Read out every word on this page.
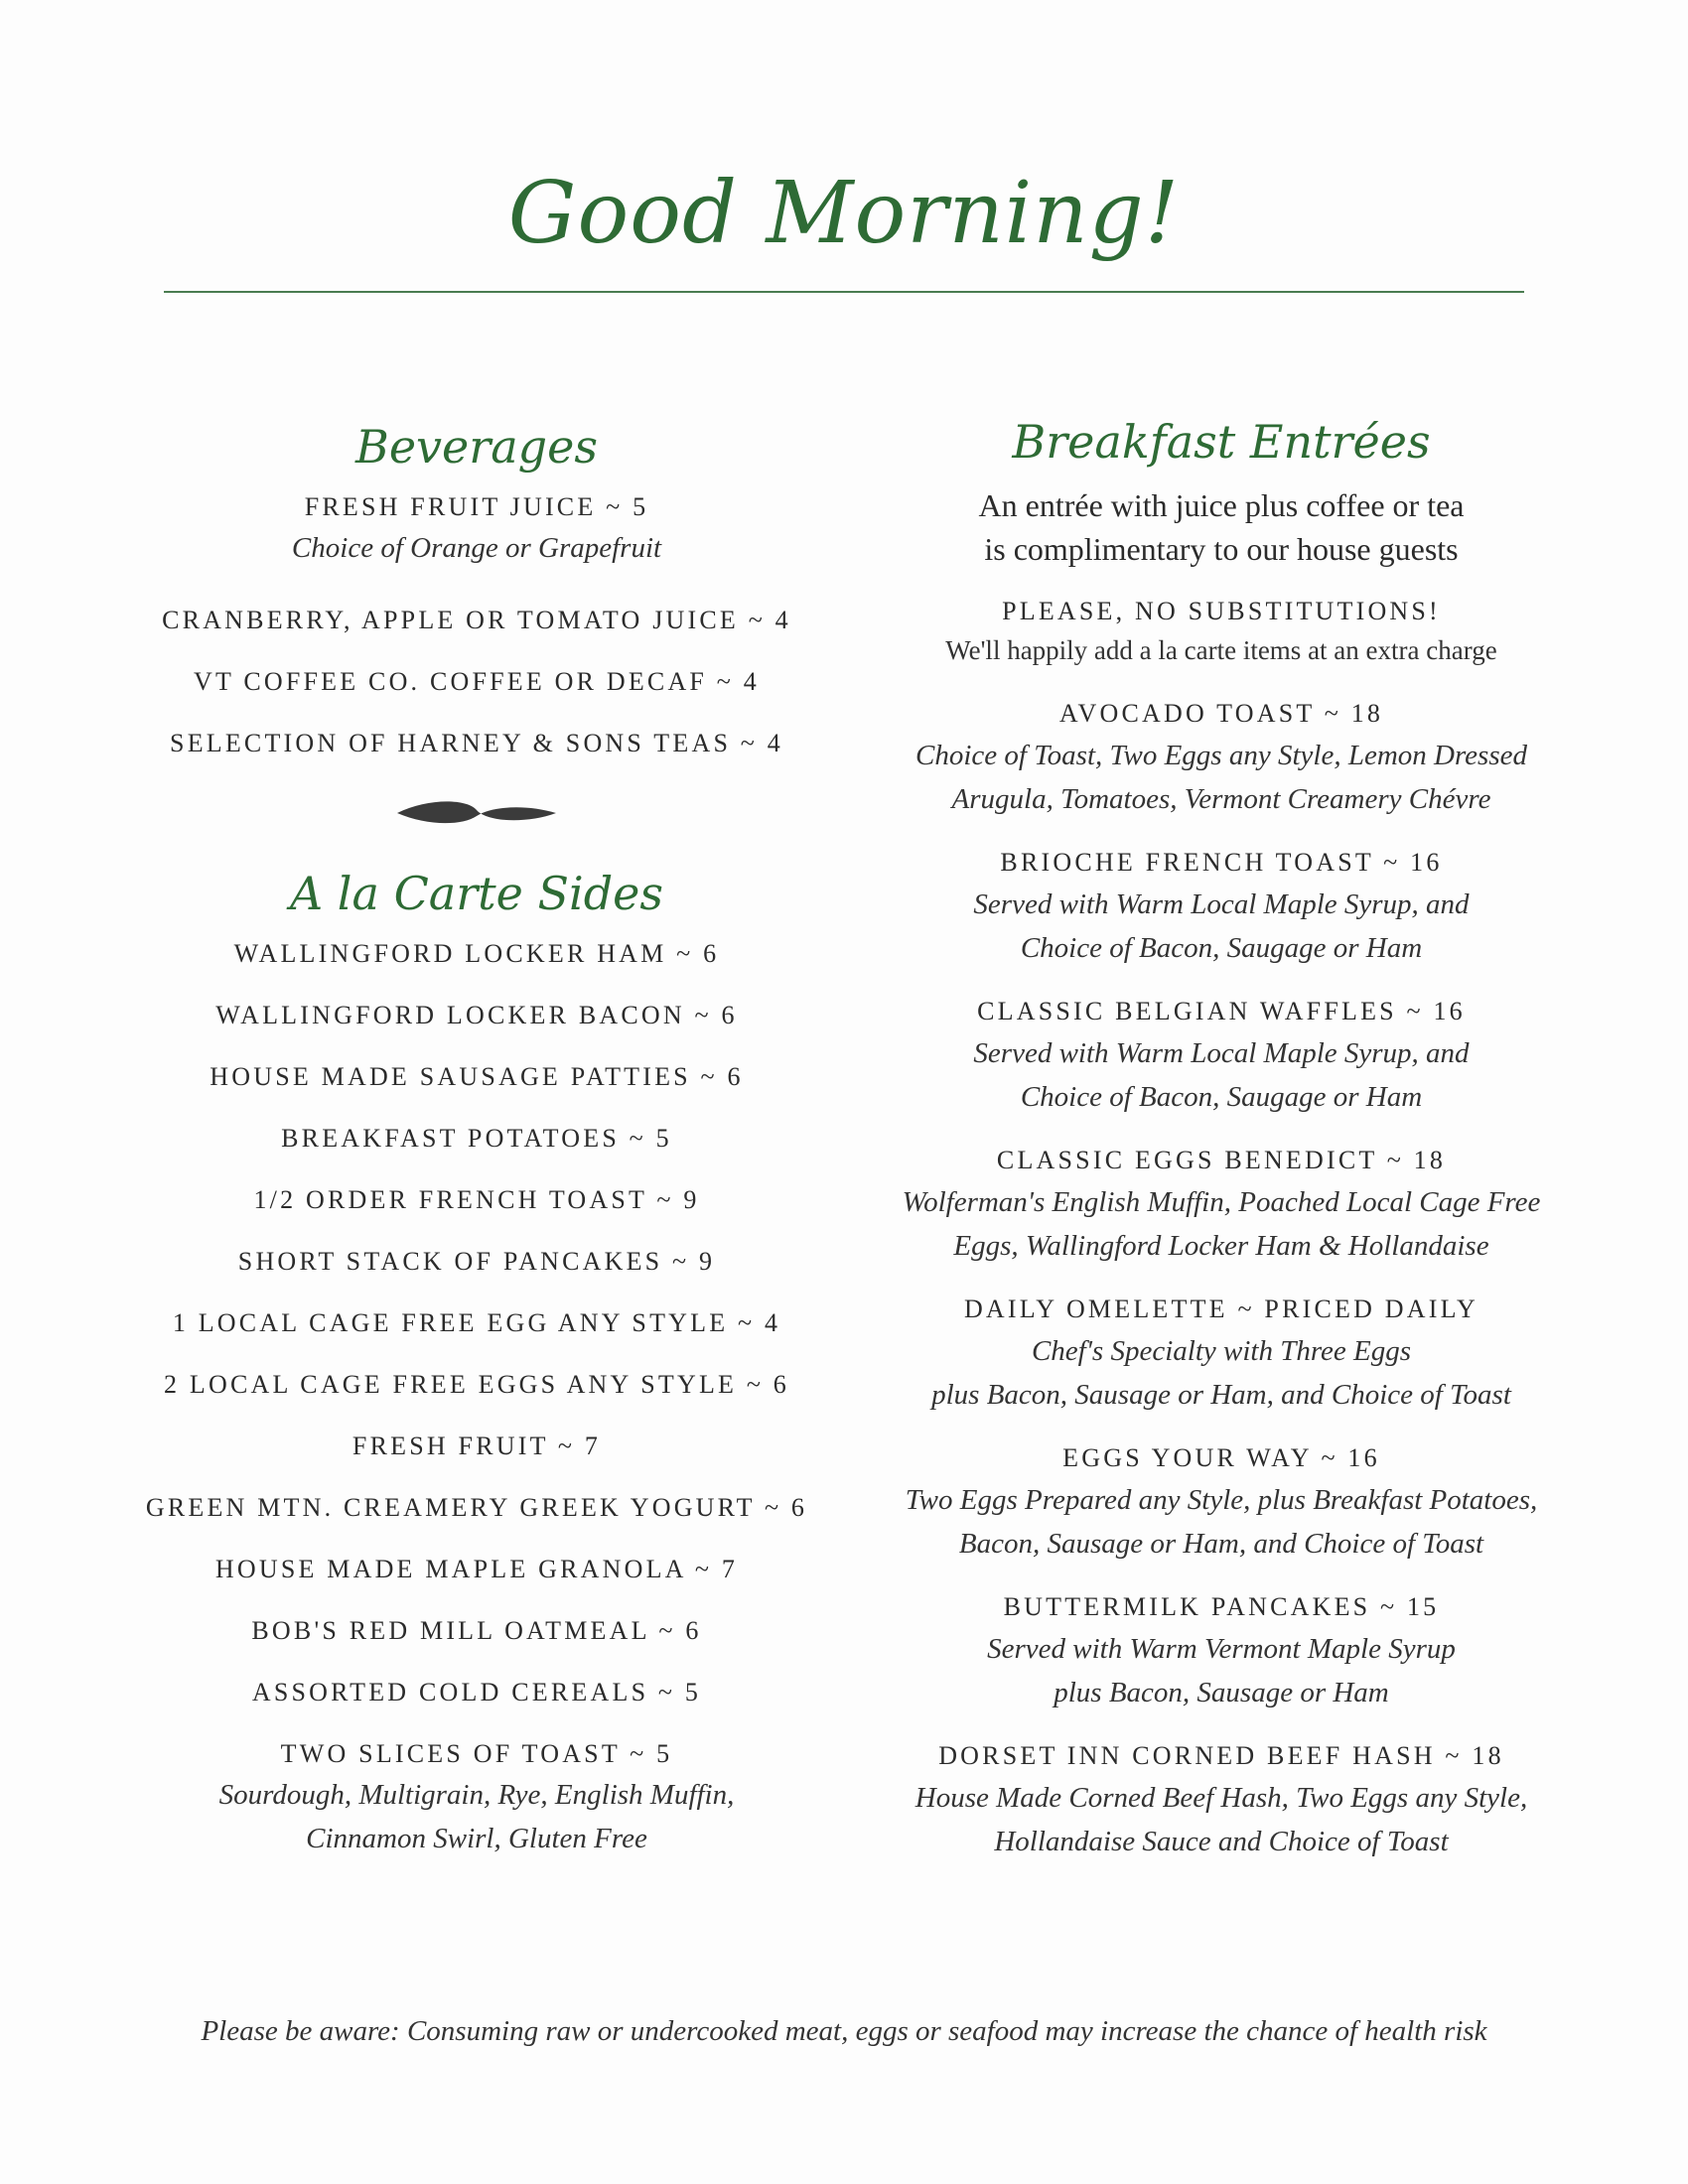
Good Morning!
Beverages
FRESH FRUIT JUICE ~ 5
Choice of Orange or Grapefruit
CRANBERRY, APPLE OR TOMATO JUICE ~ 4
VT COFFEE CO. COFFEE OR DECAF ~ 4
SELECTION OF HARNEY & SONS TEAS ~ 4
A la Carte Sides
WALLINGFORD LOCKER HAM ~ 6
WALLINGFORD LOCKER BACON ~ 6
HOUSE MADE SAUSAGE PATTIES ~ 6
BREAKFAST POTATOES ~ 5
1/2 ORDER FRENCH TOAST ~ 9
SHORT STACK OF PANCAKES ~ 9
1 LOCAL CAGE FREE EGG ANY STYLE ~ 4
2 LOCAL CAGE FREE EGGS ANY STYLE ~ 6
FRESH FRUIT ~ 7
GREEN MTN. CREAMERY GREEK YOGURT ~ 6
HOUSE MADE MAPLE GRANOLA ~ 7
BOB'S RED MILL OATMEAL ~ 6
ASSORTED COLD CEREALS ~ 5
TWO SLICES OF TOAST ~ 5
Sourdough, Multigrain, Rye, English Muffin,
Cinnamon Swirl, Gluten Free
Breakfast Entrées
An entrée with juice plus coffee or tea
is complimentary to our house guests
PLEASE, NO SUBSTITUTIONS!
We'll happily add a la carte items at an extra charge
AVOCADO TOAST ~ 18
Choice of Toast, Two Eggs any Style, Lemon Dressed
Arugula, Tomatoes, Vermont Creamery Chévre
BRIOCHE FRENCH TOAST ~ 16
Served with Warm Local Maple Syrup, and
Choice of Bacon, Saugage or Ham
CLASSIC BELGIAN WAFFLES ~ 16
Served with Warm Local Maple Syrup, and
Choice of Bacon, Saugage or Ham
CLASSIC EGGS BENEDICT ~ 18
Wolferman's English Muffin, Poached Local Cage Free
Eggs, Wallingford Locker Ham & Hollandaise
DAILY OMELETTE ~ PRICED DAILY
Chef's Specialty with Three Eggs
plus Bacon, Sausage or Ham, and Choice of Toast
EGGS YOUR WAY ~ 16
Two Eggs Prepared any Style, plus Breakfast Potatoes,
Bacon, Sausage or Ham, and Choice of Toast
BUTTERMILK PANCAKES ~ 15
Served with Warm Vermont Maple Syrup
plus Bacon, Sausage or Ham
DORSET INN CORNED BEEF HASH ~ 18
House Made Corned Beef Hash, Two Eggs any Style,
Hollandaise Sauce and Choice of Toast
Please be aware: Consuming raw or undercooked meat, eggs or seafood may increase the chance of health risk
